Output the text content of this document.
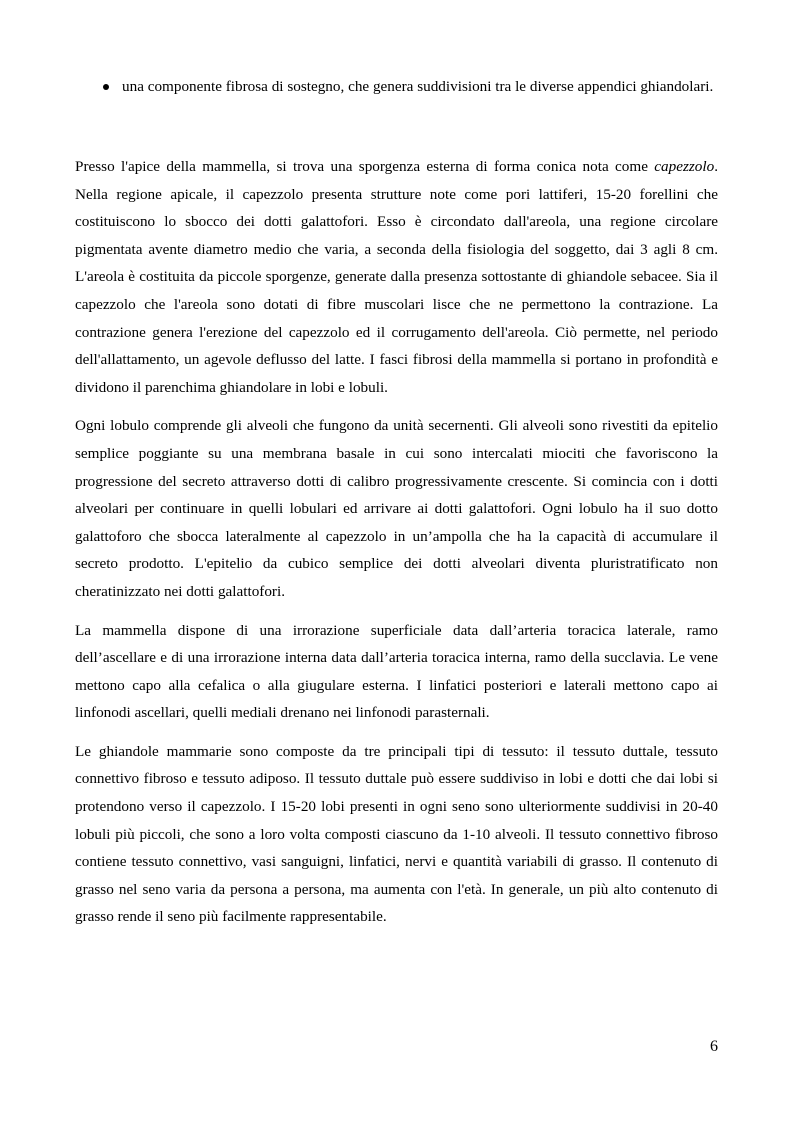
una componente fibrosa di sostegno, che genera suddivisioni tra le diverse appendici ghiandolari.

Presso l'apice della mammella, si trova una sporgenza esterna di forma conica nota come capezzolo. Nella regione apicale, il capezzolo presenta strutture note come pori lattiferi, 15-20 forellini che costituiscono lo sbocco dei dotti galattofori. Esso è circondato dall'areola, una regione circolare pigmentata avente diametro medio che varia, a seconda della fisiologia del soggetto, dai 3 agli 8 cm. L'areola è costituita da piccole sporgenze, generate dalla presenza sottostante di ghiandole sebacee. Sia il capezzolo che l'areola sono dotati di fibre muscolari lisce che ne permettono la contrazione. La contrazione genera l'erezione del capezzolo ed il corrugamento dell'areola. Ciò permette, nel periodo dell'allattamento, un agevole deflusso del latte. I fasci fibrosi della mammella si portano in profondità e dividono il parenchima ghiandolare in lobi e lobuli.

Ogni lobulo comprende gli alveoli che fungono da unità secernenti. Gli alveoli sono rivestiti da epitelio semplice poggiante su una membrana basale in cui sono intercalati miociti che favoriscono la progressione del secreto attraverso dotti di calibro progressivamente crescente. Si comincia con i dotti alveolari per continuare in quelli lobulari ed arrivare ai dotti galattofori. Ogni lobulo ha il suo dotto galattoforo che sbocca lateralmente al capezzolo in un’ampolla che ha la capacità di accumulare il secreto prodotto. L'epitelio da cubico semplice dei dotti alveolari diventa pluristratificato non cheratinizzato nei dotti galattofori.

La mammella dispone di una irrorazione superficiale data dall’arteria toracica laterale, ramo dell’ascellare e di una irrorazione interna data dall’arteria toracica interna, ramo della succlavia. Le vene mettono capo alla cefalica o alla giugulare esterna. I linfatici posteriori e laterali mettono capo ai linfonodi ascellari, quelli mediali drenano nei linfonodi parasternali.

Le ghiandole mammarie sono composte da tre principali tipi di tessuto: il tessuto duttale, tessuto connettivo fibroso e tessuto adiposo. Il tessuto duttale può essere suddiviso in lobi e dotti che dai lobi si protendono verso il capezzolo. I 15-20 lobi presenti in ogni seno sono ulteriormente suddivisi in 20-40 lobuli più piccoli, che sono a loro volta composti ciascuno da 1-10 alveoli. Il tessuto connettivo fibroso contiene tessuto connettivo, vasi sanguigni, linfatici, nervi e quantità variabili di grasso. Il contenuto di grasso nel seno varia da persona a persona, ma aumenta con l'età. In generale, un più alto contenuto di grasso rende il seno più facilmente rappresentabile.

6
